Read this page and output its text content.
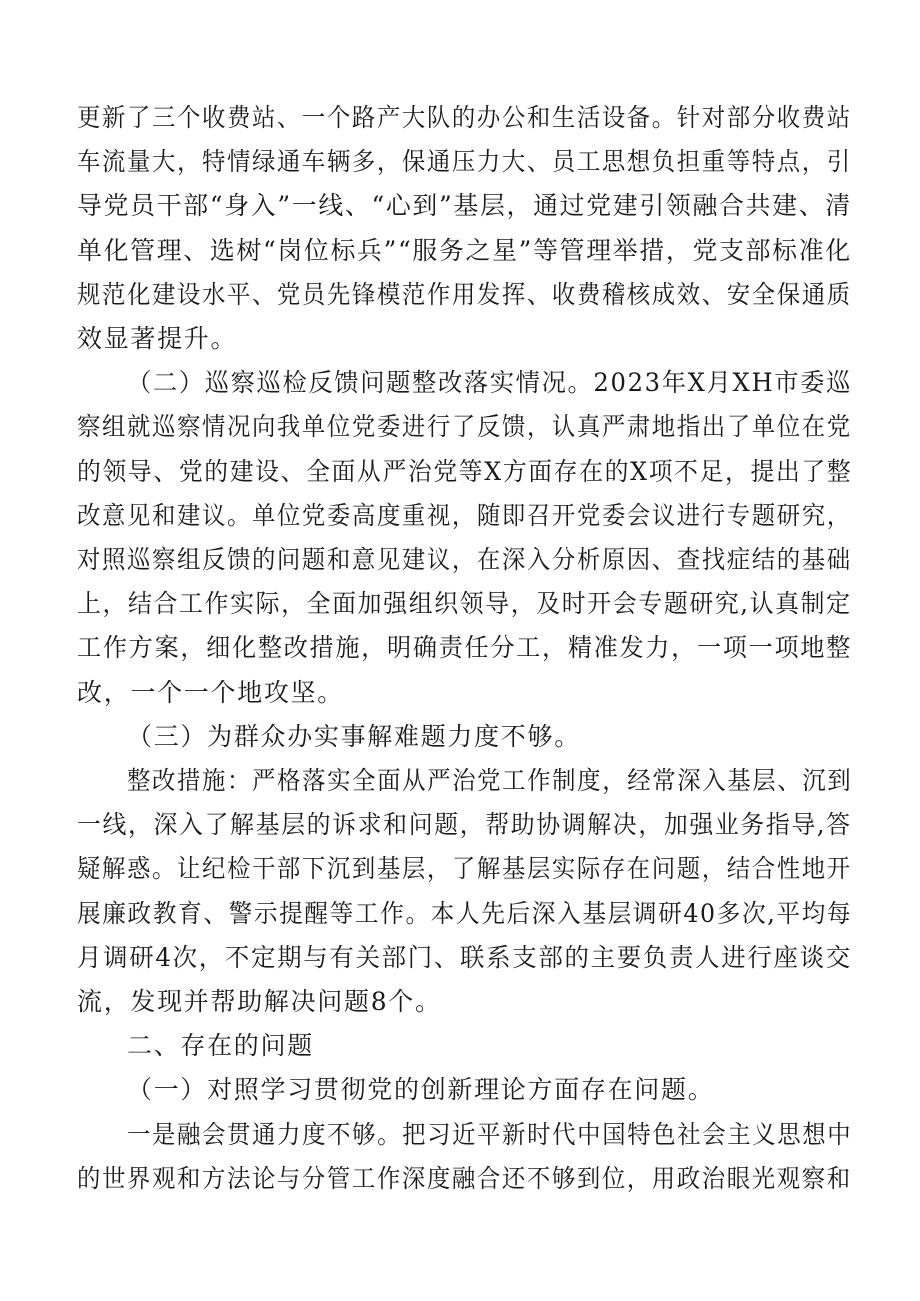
更新了三个收费站、一个路产大队的办公和生活设备。针对部分收费站
车流量大，特情绿通车辆多，保通压力大、员工思想负担重等特点，引
导党员干部“身入”一线、“心到”基层，通过党建引领融合共建、清
单化管理、选树“岗位标兵”“服务之星”等管理举措，党支部标准化
规范化建设水平、党员先锋模范作用发挥、收费稽核成效、安全保通质
效显著提升。
（二）巡察巡检反馈问题整改落实情况。2023年X月XH市委巡
察组就巡察情况向我单位党委进行了反馈，认真严肃地指出了单位在党
的领导、党的建设、全面从严治党等X方面存在的X项不足，提出了整
改意见和建议。单位党委高度重视，随即召开党委会议进行专题研究，
对照巡察组反馈的问题和意见建议，在深入分析原因、查找症结的基础
上，结合工作实际，全面加强组织领导，及时开会专题研究,认真制定
工作方案，细化整改措施，明确责任分工，精准发力，一项一项地整
改，一个一个地攻坚。
（三）为群众办实事解难题力度不够。
整改措施：严格落实全面从严治党工作制度，经常深入基层、沉到
一线，深入了解基层的诉求和问题，帮助协调解决，加强业务指导,答
疑解惑。让纪检干部下沉到基层，了解基层实际存在问题，结合性地开
展廉政教育、警示提醒等工作。本人先后深入基层调研40多次,平均每
月调研4次，不定期与有关部门、联系支部的主要负责人进行座谈交
流，发现并帮助解决问题8个。
二、存在的问题
（一）对照学习贯彻党的创新理论方面存在问题。
一是融会贯通力度不够。把习近平新时代中国特色社会主义思想中
的世界观和方法论与分管工作深度融合还不够到位，用政治眼光观察和
